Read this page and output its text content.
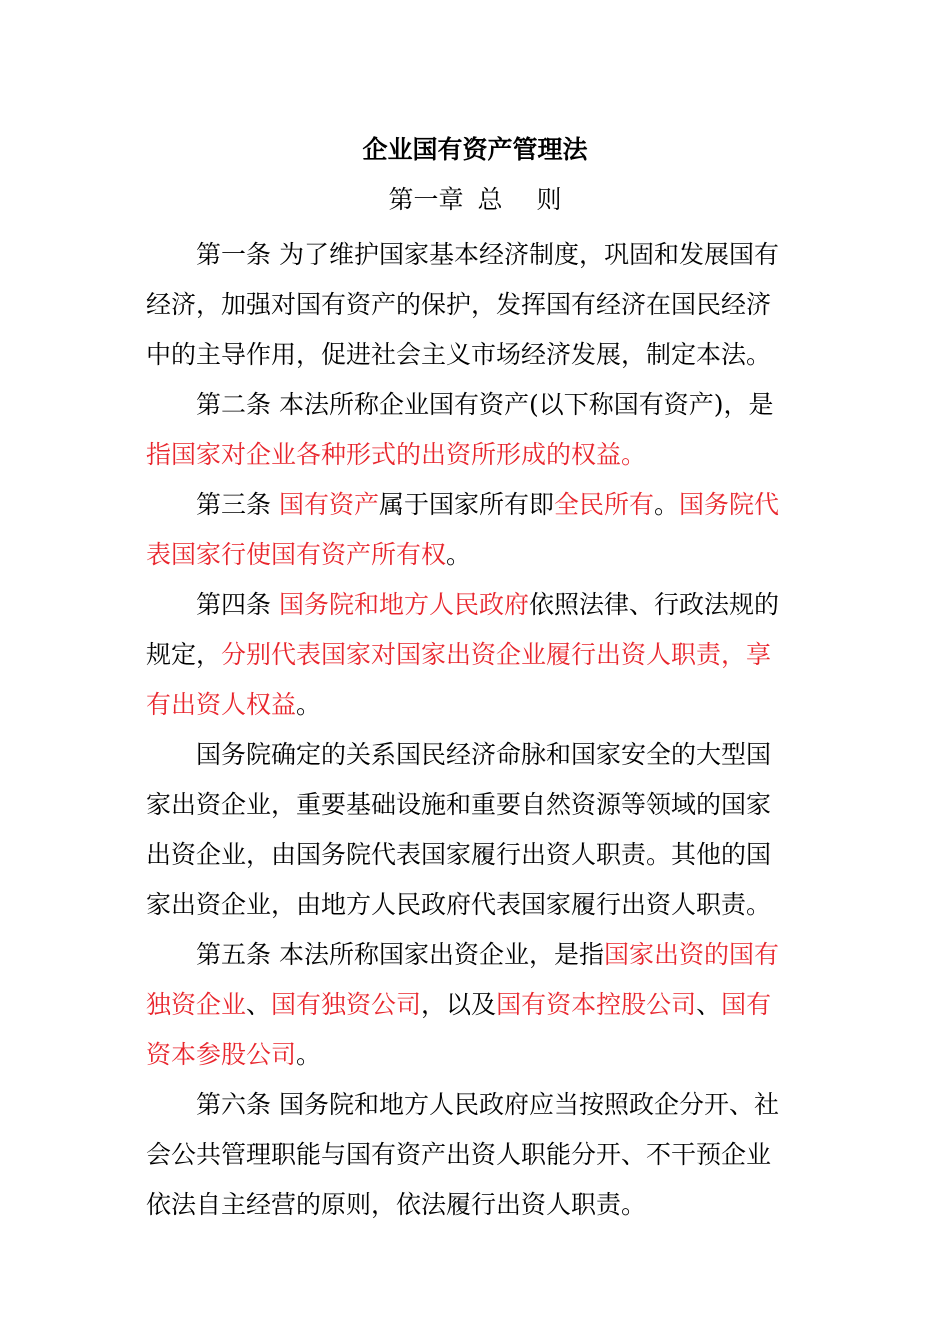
企业国有资产管理法
第一章 总 则
第一条 为了维护国家基本经济制度，巩固和发展国有
经济，加强对国有资产的保护，发挥国有经济在国民经济
中的主导作用，促进社会主义市场经济发展，制定本法。
第二条 本法所称企业国有资产(以下称国有资产)，是
指国家对企业各种形式的出资所形成的权益。
第三条 国有资产属于国家所有即全民所有。国务院代
表国家行使国有资产所有权。
第四条 国务院和地方人民政府依照法律、行政法规的
规定，分别代表国家对国家出资企业履行出资人职责，享
有出资人权益。
国务院确定的关系国民经济命脉和国家安全的大型国
家出资企业，重要基础设施和重要自然资源等领域的国家
出资企业，由国务院代表国家履行出资人职责。其他的国
家出资企业，由地方人民政府代表国家履行出资人职责。
第五条 本法所称国家出资企业，是指国家出资的国有
独资企业、国有独资公司，以及国有资本控股公司、国有
资本参股公司。
第六条 国务院和地方人民政府应当按照政企分开、社
会公共管理职能与国有资产出资人职能分开、不干预企业
依法自主经营的原则，依法履行出资人职责。
